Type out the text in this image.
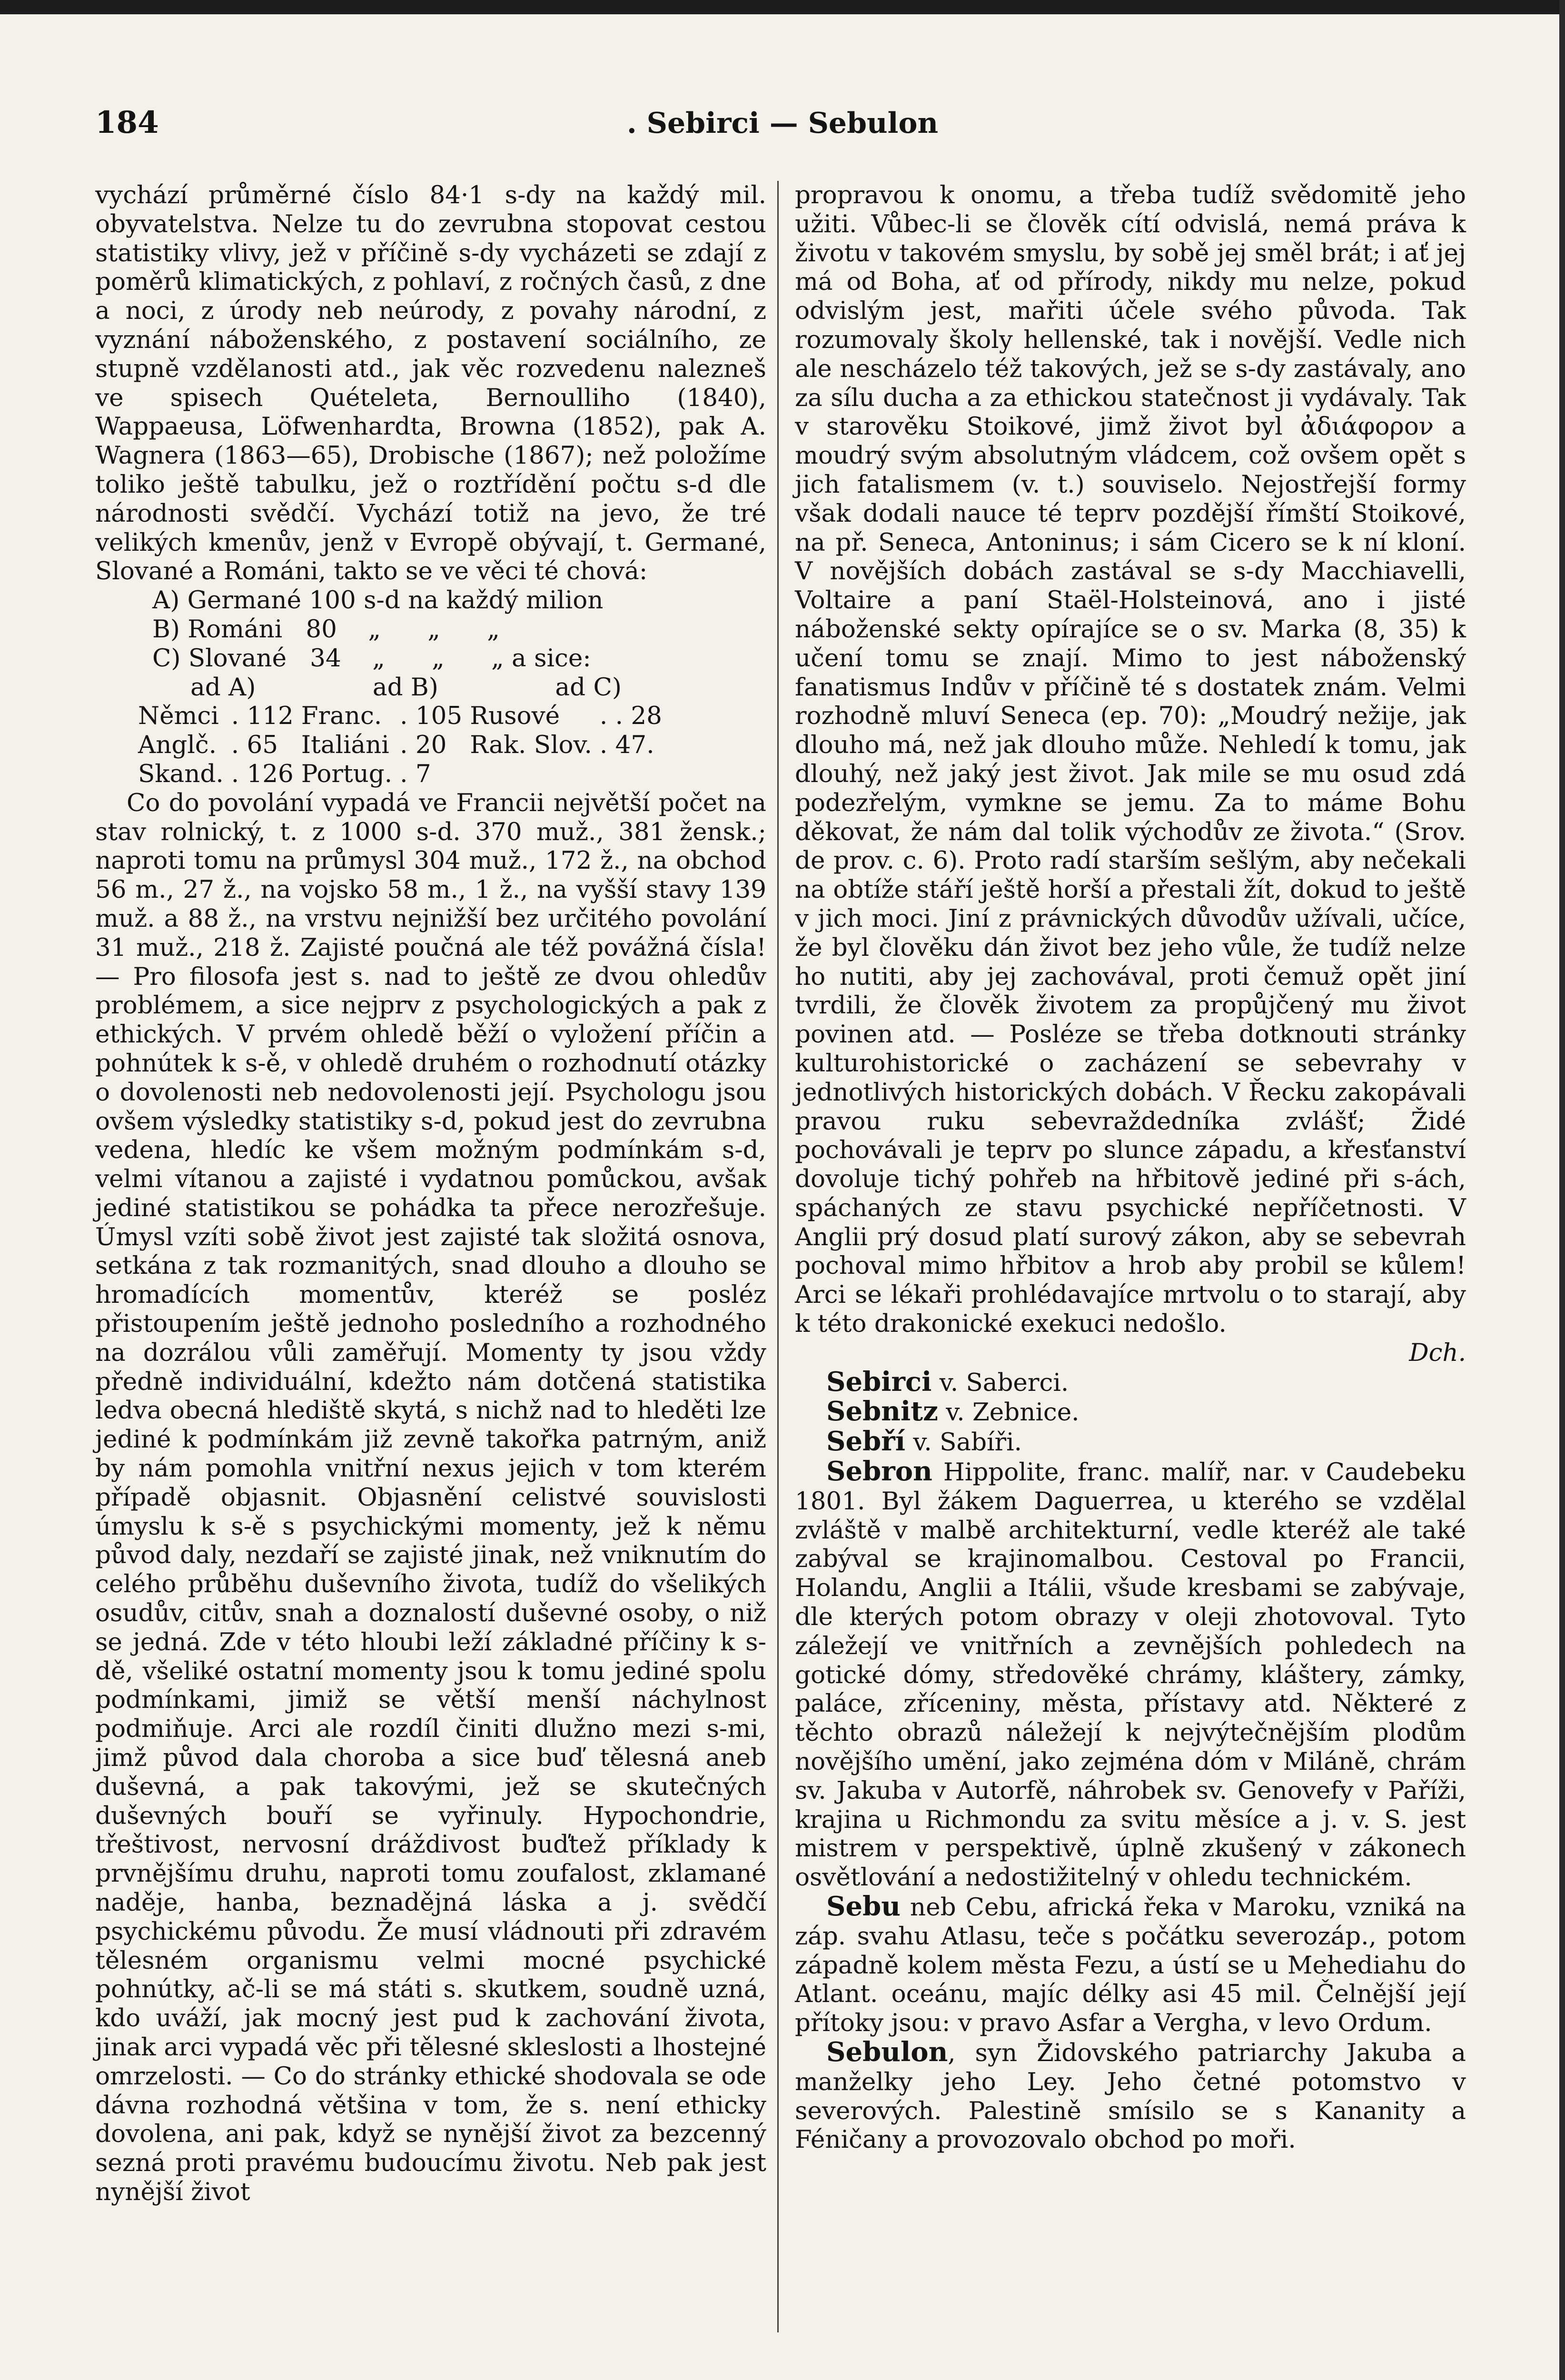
184	. Sebirci — Sebulon

vychází průměrné číslo 84·1 s-dy na každý mil. obyvatelstva. Nelze tu do zevrubna stopovat cestou statistiky vlivy, jež v příčině s-dy vycházeti se zdají z poměrů klimatických, z pohlaví, z ročných časů, z dne a noci, z úrody neb neúrody, z povahy národní, z vyznání náboženského, z postavení sociálního, ze stupně vzdělanosti atd., jak věc rozvedenu nalezneš ve spisech Quételeta, Bernoulliho (1840), Wappaeusa, Löfwenhardta, Browna (1852), pak A. Wagnera (1863—65), Drobische (1867); než položíme toliko ještě tabulku, jež o roztřídění počtu s-d dle národnosti svědčí. Vychází totiž na jevo, že tré velikých kmenův, jenž v Evropě obývají, t. Germané, Slované a Románi, takto se ve věci té chová:

A) Germané 100 s-d na každý milion

B) Románi   80    „      „      „

C) Slované   34    „      „      „ a sice:

ad A)               ad B)               ad C)

Němci	. 112	Franc.	. 105	Rusové	. . 28
Anglč.	. 65	Italiáni	. 20	Rak. Slov.	. 47.
Skand.	. 126	Portug.	. 7		

Co do povolání vypadá ve Francii největší počet na stav rolnický, t. z 1000 s-d. 370 muž., 381 žensk.; naproti tomu na průmysl 304 muž., 172 ž., na obchod 56 m., 27 ž., na vojsko 58 m., 1 ž., na vyšší stavy 139 muž. a 88 ž., na vrstvu nejnižší bez určitého povolání 31 muž., 218 ž. Zajisté poučná ale též povážná čísla! — Pro filosofa jest s. nad to ještě ze dvou ohledův problémem, a sice nejprv z psychologických a pak z ethických. V prvém ohledě běží o vyložení příčin a pohnútek k s-ě, v ohledě druhém o rozhodnutí otázky o dovolenosti neb nedovolenosti její. Psychologu jsou ovšem výsledky statistiky s-d, pokud jest do zevrubna vedena, hledíc ke všem možným podmínkám s-d, velmi vítanou a zajisté i vydatnou pomůckou, avšak jediné statistikou se pohádka ta přece nerozřešuje. Úmysl vzíti sobě život jest zajisté tak složitá osnova, setkána z tak rozmanitých, snad dlouho a dlouho se hromadících momentův, kteréž se posléz přistoupením ještě jednoho posledního a rozhodného na dozrálou vůli zaměřují. Momenty ty jsou vždy předně individuální, kdežto nám dotčená statistika ledva obecná hlediště skytá, s nichž nad to hleděti lze jediné k podmínkám již zevně takořka patrným, aniž by nám pomohla vnitřní nexus jejich v tom kterém případě objasnit. Objasnění celistvé souvislosti úmyslu k s-ě s psychickými momenty, jež k němu původ daly, nezdaří se zajisté jinak, než vniknutím do celého průběhu duševního života, tudíž do všelikých osudův, citův, snah a doznalostí duševné osoby, o niž se jedná. Zde v této hloubi leží základné příčiny k s-dě, všeliké ostatní momenty jsou k tomu jediné spolu podmínkami, jimiž se větší menší náchylnost podmiňuje. Arci ale rozdíl činiti dlužno mezi s-mi, jimž původ dala choroba a sice buď tělesná aneb duševná, a pak takovými, jež se skutečných duševných bouří se vyřinuly. Hypochondrie, třeštivost, nervosní dráždivost buďtež příklady k prvnějšímu druhu, naproti tomu zoufalost, zklamané naděje, hanba, beznadějná láska a j. svědčí psychickému původu. Že musí vládnouti při zdravém tělesném organismu velmi mocné psychické pohnútky, ač-li se má státi s. skutkem, soudně uzná, kdo uváží, jak mocný jest pud k zachování života, jinak arci vypadá věc při tělesné skleslosti a lhostejné omrzelosti. — Co do stránky ethické shodovala se ode dávna rozhodná většina v tom, že s. není ethicky dovolena, ani pak, když se nynější život za bezcenný sezná proti pravému budoucímu životu. Neb pak jest nynější život

propravou k onomu, a třeba tudíž svědomitě jeho užiti. Vůbec-li se člověk cítí odvislá, nemá práva k životu v takovém smyslu, by sobě jej směl brát; i ať jej má od Boha, ať od přírody, nikdy mu nelze, pokud odvislým jest, mařiti účele svého původa. Tak rozumovaly školy hellenské, tak i novější. Vedle nich ale nescházelo též takových, jež se s-dy zastávaly, ano za sílu ducha a za ethickou statečnost ji vydávaly. Tak v starověku Stoikové, jimž život byl ἀδιάφορον a moudrý svým absolutným vládcem, což ovšem opět s jich fatalismem (v. t.) souviselo. Nejostřejší formy však dodali nauce té teprv pozdější římští Stoikové, na př. Seneca, Antoninus; i sám Cicero se k ní kloní. V novějších dobách zastával se s-dy Macchiavelli, Voltaire a paní Staël-Holsteinová, ano i jisté náboženské sekty opírajíce se o sv. Marka (8, 35) k učení tomu se znají. Mimo to jest náboženský fanatismus Indův v příčině té s dostatek znám. Velmi rozhodně mluví Seneca (ep. 70): „Moudrý nežije, jak dlouho má, než jak dlouho může. Nehledí k tomu, jak dlouhý, než jaký jest život. Jak mile se mu osud zdá podezřelým, vymkne se jemu. Za to máme Bohu děkovat, že nám dal tolik východův ze života.“ (Srov. de prov. c. 6). Proto radí starším sešlým, aby nečekali na obtíže stáří ještě horší a přestali žít, dokud to ještě v jich moci. Jiní z právnických důvodův užívali, učíce, že byl člověku dán život bez jeho vůle, že tudíž nelze ho nutiti, aby jej zachovával, proti čemuž opět jiní tvrdili, že člověk životem za propůjčený mu život povinen atd. — Posléze se třeba dotknouti stránky kulturohistorické o zacházení se sebevrahy v jednotlivých historických dobách. V Řecku zakopávali pravou ruku sebevraždedníka zvlášť; Židé pochovávali je teprv po slunce západu, a křesťanství dovoluje tichý pohřeb na hřbitově jediné při s-ách, spáchaných ze stavu psychické nepříčetnosti. V Anglii prý dosud platí surový zákon, aby se sebevrah pochoval mimo hřbitov a hrob aby probil se kůlem! Arci se lékaři prohlédavajíce mrtvolu o to starají, aby k této drakonické exekuci nedošlo.

Dch.

Sebirci v. Saberci.

Sebnitz v. Zebnice.

Sebří v. Sabíři.

Sebron Hippolite, franc. malíř, nar. v Caudebeku 1801. Byl žákem Daguerrea, u kterého se vzdělal zvláště v malbě architekturní, vedle kteréž ale také zabýval se krajinomalbou. Cestoval po Francii, Holandu, Anglii a Itálii, všude kresbami se zabývaje, dle kterých potom obrazy v oleji zhotovoval. Tyto záležejí ve vnitřních a zevnějších pohledech na gotické dómy, středověké chrámy, kláštery, zámky, paláce, zříceniny, města, přístavy atd. Některé z těchto obrazů náležejí k nejvýtečnějším plodům novějšího umění, jako zejména dóm v Miláně, chrám sv. Jakuba v Autorfě, náhrobek sv. Genovefy v Paříži, krajina u Richmondu za svitu měsíce a j. v. S. jest mistrem v perspektivě, úplně zkušený v zákonech osvětlování a nedostižitelný v ohledu technickém.

Sebu neb Cebu, africká řeka v Maroku, vzniká na záp. svahu Atlasu, teče s počátku severozáp., potom západně kolem města Fezu, a ústí se u Mehediahu do Atlant. oceánu, majíc délky asi 45 mil. Čelnější její přítoky jsou: v pravo Asfar a Vergha, v levo Ordum.

Sebulon, syn Židovského patriarchy Jakuba a manželky jeho Ley. Jeho četné potomstvo v severových. Palestině smísilo se s Kananity a Féničany a provozovalo obchod po moři.
